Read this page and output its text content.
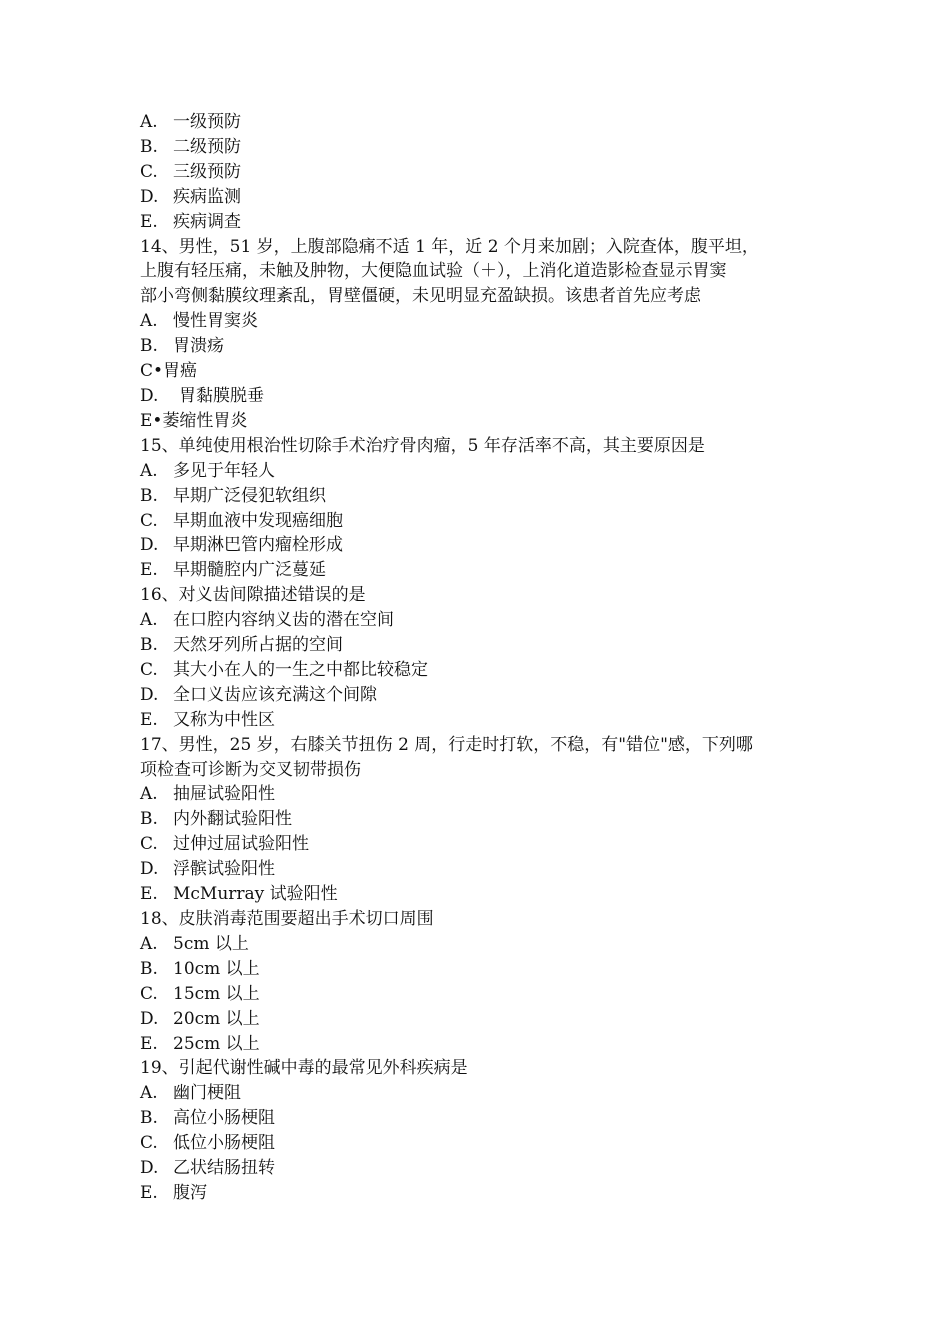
A. 一级预防
B. 二级预防
C. 三级预防
D. 疾病监测
E. 疾病调查
14、男性，51 岁，上腹部隐痛不适 1 年，近 2 个月来加剧；入院查体，腹平坦，
上腹有轻压痛，未触及肿物，大便隐血试验（＋），上消化道造影检查显示胃窦
部小弯侧黏膜纹理紊乱，胃壁僵硬，未见明显充盈缺损。该患者首先应考虑
A. 慢性胃窦炎
B. 胃溃疡
C• 胃癌
D.	胃黏膜脱垂
E• 萎缩性胃炎
15、单纯使用根治性切除手术治疗骨肉瘤，5 年存活率不高，其主要原因是
A. 多见于年轻人
B. 早期广泛侵犯软组织
C. 早期血液中发现癌细胞
D. 早期淋巴管内瘤栓形成
E. 早期髓腔内广泛蔓延
16、对义齿间隙描述错误的是
A. 在口腔内容纳义齿的潜在空间
B. 天然牙列所占据的空间
C. 其大小在人的一生之中都比较稳定
D. 全口义齿应该充满这个间隙
E. 又称为中性区
17、男性，25 岁，右膝关节扭伤 2 周，行走时打软，不稳，有"错位"感，下列哪
项检查可诊断为交叉韧带损伤
A. 抽屉试验阳性
B. 内外翻试验阳性
C. 过伸过屈试验阳性
D. 浮髌试验阳性
E. McMurray 试验阳性
18、皮肤消毒范围要超出手术切口周围
A. 5cm 以上
B. 10cm 以上
C. 15cm 以上
D. 20cm 以上
E. 25cm 以上
19、引起代谢性碱中毒的最常见外科疾病是
A. 幽门梗阻
B. 高位小肠梗阻
C. 低位小肠梗阻
D. 乙状结肠扭转
E. 腹泻
